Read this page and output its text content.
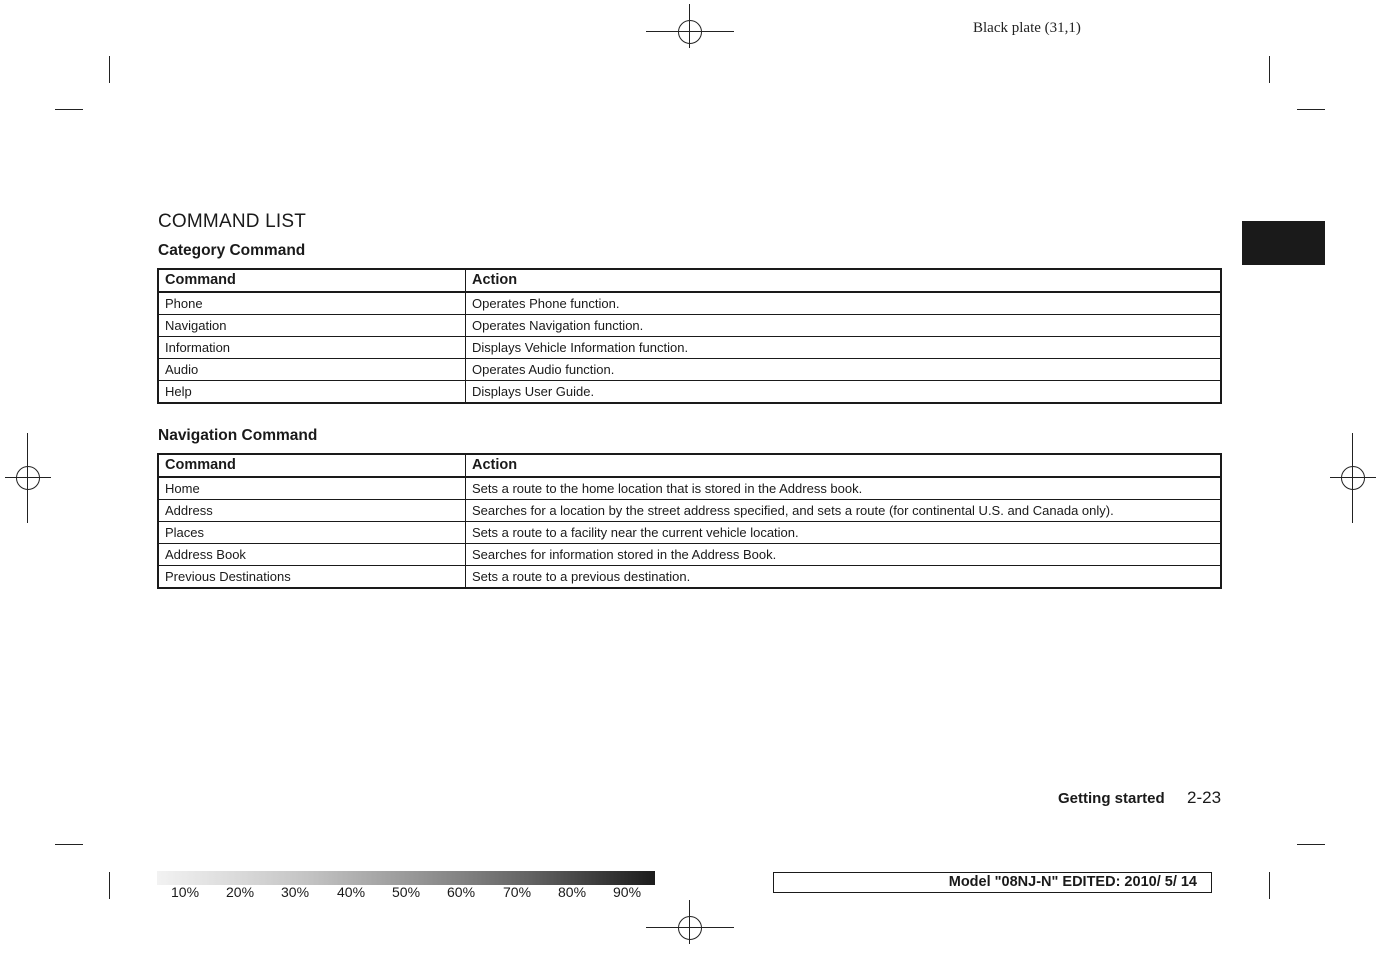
Black plate (31,1)
COMMAND LIST
Category Command
Command	Action
Phone	Operates Phone function.
Navigation	Operates Navigation function.
Information	Displays Vehicle Information function.
Audio	Operates Audio function.
Help	Displays User Guide.
Navigation Command
Command	Action
Home	Sets a route to the home location that is stored in the Address book.
Address	Searches for a location by the street address specified, and sets a route (for continental U.S. and Canada only).
Places	Sets a route to a facility near the current vehicle location.
Address Book	Searches for information stored in the Address Book.
Previous Destinations	Sets a route to a previous destination.
Getting started 2-23
10% 20% 30% 40% 50% 60% 70% 80% 90%
Model "08NJ-N" EDITED: 2010/ 5/ 14
